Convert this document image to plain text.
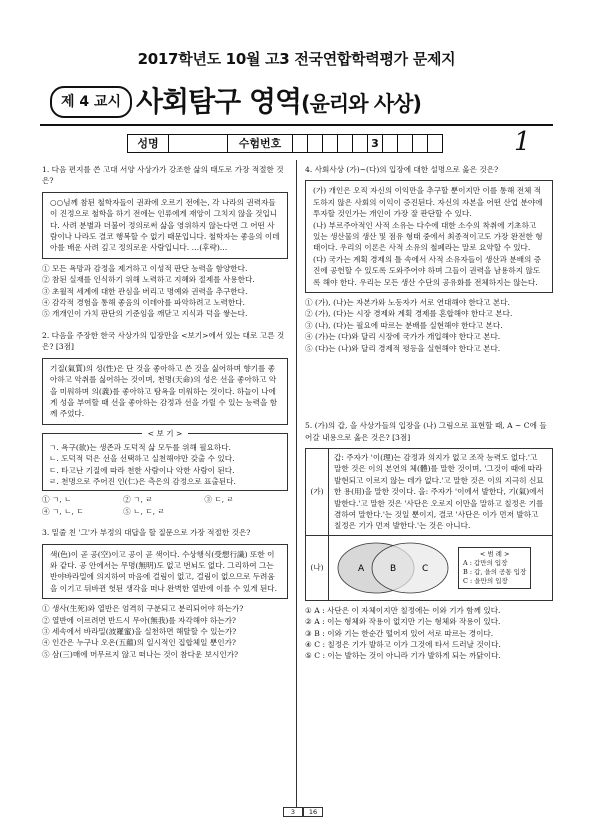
2017학년도 10월 고3 전국연합학력평가 문제지
제 4 교시 사회탐구 영역(윤리와 사상)
성명	수험번호	3	1

1. 다음 편지를 쓴 고대 서양 사상가가 강조한 삶의 태도로 가장 적절한 것은?

○○님께 참된 철학자들이 권좌에 오르기 전에는, 각 나라의 권력자들이 진정으로 철학을 하기 전에는 인류에게 재앙이 그치지 않을 것입니다. 사려 분별과 더불어 정의로써 삶을 영위하지 않는다면 그 어떤 사람이나 나라도 결코 행복할 수 없기 때문입니다. 철학자는 좋음의 이데아를 배운 사려 깊고 정의로운 사람입니다. …(후략)…

① 모든 욕망과 감정을 제거하고 이성적 판단 능력을 함양한다.

② 참된 실재를 인식하기 위해 노력하고 지혜와 절제를 사용한다.

③ 초월적 세계에 대한 관심을 버리고 명예와 권력을 추구한다.

④ 감각적 경험을 통해 좋음의 이데아를 파악하려고 노력한다.

⑤ 개개인이 가치 판단의 기준임을 깨닫고 지식과 덕을 쌓는다.

2. 다음을 주장한 한국 사상가의 입장만을 <보기>에서 있는 대로 고른 것은? [3점]

기질(氣質)의 성(性)은 단 것을 좋아하고 쓴 것을 싫어하며 향기를 좋아하고 악취를 싫어하는 것이며, 천명(天命)의 성은 선을 좋아하고 악을 미워하며 의(義)를 좋아하고 탐욕을 미워하는 것이다. 하늘이 나에게 성을 부여할 때 선을 좋아하는 감정과 선을 가릴 수 있는 능력을 함께 주었다.

< 보 기 >

ㄱ. 욕구(欲)는 생존과 도덕적 삶 모두를 위해 필요하다.

ㄴ. 도덕적 덕은 선을 선택하고 실천해야만 갖출 수 있다.

ㄷ. 타고난 기질에 따라 천한 사람이나 악한 사람이 된다.

ㄹ. 천명으로 주어진 인(仁)은 측은의 감정으로 표출된다.

① ㄱ, ㄴ	② ㄱ, ㄹ	③ ㄷ, ㄹ
④ ㄱ, ㄴ, ㄷ	⑤ ㄴ, ㄷ, ㄹ

3. 밑줄 친 '그'가 부정의 대답을 할 질문으로 가장 적절한 것은?

색(色)이 곧 공(空)이고 공이 곧 색이다. 수상행식(受想行識) 또한 이와 같다. 공 안에서는 무명(無明)도 없고 번뇌도 없다. 그리하여 그는 반야바라밀에 의지하여 마음에 걸림이 없고, 걸림이 없으므로 두려움을 이기고 뒤바뀐 헛된 생각을 떠나 완벽한 열반에 이를 수 있게 된다.

① 생사(生死)와 열반은 엄격히 구분되고 분리되어야 하는가?

② 열반에 이르려면 반드시 무아(無我)를 자각해야 하는가?

③ 세속에서 바라밀(波羅蜜)을 실천하면 해탈할 수 있는가?

④ 인간은 누구나 오온(五蘊)의 일시적인 집합체일 뿐인가?

⑤ 삼(三)매에 머무르지 않고 떠나는 것이 참다운 보시인가?

4. 사회사상 (가)~(다)의 입장에 대한 설명으로 옳은 것은?

(가) 개인은 오직 자신의 이익만을 추구할 뿐이지만 이를 통해 전체 적도하지 않은 사회의 이익이 증진된다. 자신의 자본을 어떤 산업 분야에 투자할 것인가는 개인이 가장 잘 판단할 수 있다.

(나) 부르주아적인 사적 소유는 다수에 대한 소수의 착취에 기초하고 있는 생산물의 생산 및 점유 형태 중에서 최종적이고도 가장 완전한 형태이다. 우리의 이론은 사적 소유의 철폐라는 말로 요약할 수 있다.

(다) 국가는 계획 경제의 틀 속에서 사적 소유자들이 생산과 분배의 증진에 공헌할 수 있도록 도와주어야 하며 그들이 권력을 남용하지 않도록 해야 한다. 우리는 모든 생산 수단의 공유화를 전체하지는 않는다.

① (가), (나)는 자본가와 노동자가 서로 연대해야 한다고 본다.

② (가), (다)는 시장 경제와 계획 경제를 혼합해야 한다고 본다.

③ (나), (다)는 필요에 따르는 분배를 실현해야 한다고 본다.

④ (가)는 (다)와 달리 시장에 국가가 개입해야 한다고 본다.

⑤ (다)는 (나)와 달리 경제적 평등을 실현해야 한다고 본다.

5. (가)의 갑, 을 사상가들의 입장을 (나) 그림으로 표현할 때, A ~ C에 들어갈 내용으로 옳은 것은? [3점]

(가)

갑: 주자가 '이(理)는 감정과 의지가 없고 조작 능력도 없다.'고 말한 것은 이의 본연의 체(體)를 말한 것이며, '그것이 때에 따라 발현되고 이르지 않는 데가 없다.'고 말한 것은 이의 지극히 신묘한 용(用)을 말한 것이다. 을: 주자가 '이에서 발한다, 기(氣)에서 발한다.'고 말한 것은 '사단은 오로지 이만을 말하고 칠정은 기를 겸하여 말한다.'는 것일 뿐이지, 결코 '사단은 이가 먼저 발하고 칠정은 기가 먼저 발한다.'는 것은 아니다.

(나)	A	B	C
< 범 례 >
A : 갑만의 입장
B : 갑, 을의 공통 입장
C : 을만의 입장

① A : 사단은 이 자체이지만 칠정에는 이와 기가 함께 있다.

② A : 이는 형체와 작용이 없지만 기는 형체와 작용이 있다.

③ B : 이와 기는 한순간 떨어져 있어 서로 따르는 경이다.

④ C : 칠정은 기가 발하고 이가 그것에 타서 드러날 것이다.

⑤ C : 이는 발하는 것이 아니라 기가 발하게 되는 까닭이다.

3	16
